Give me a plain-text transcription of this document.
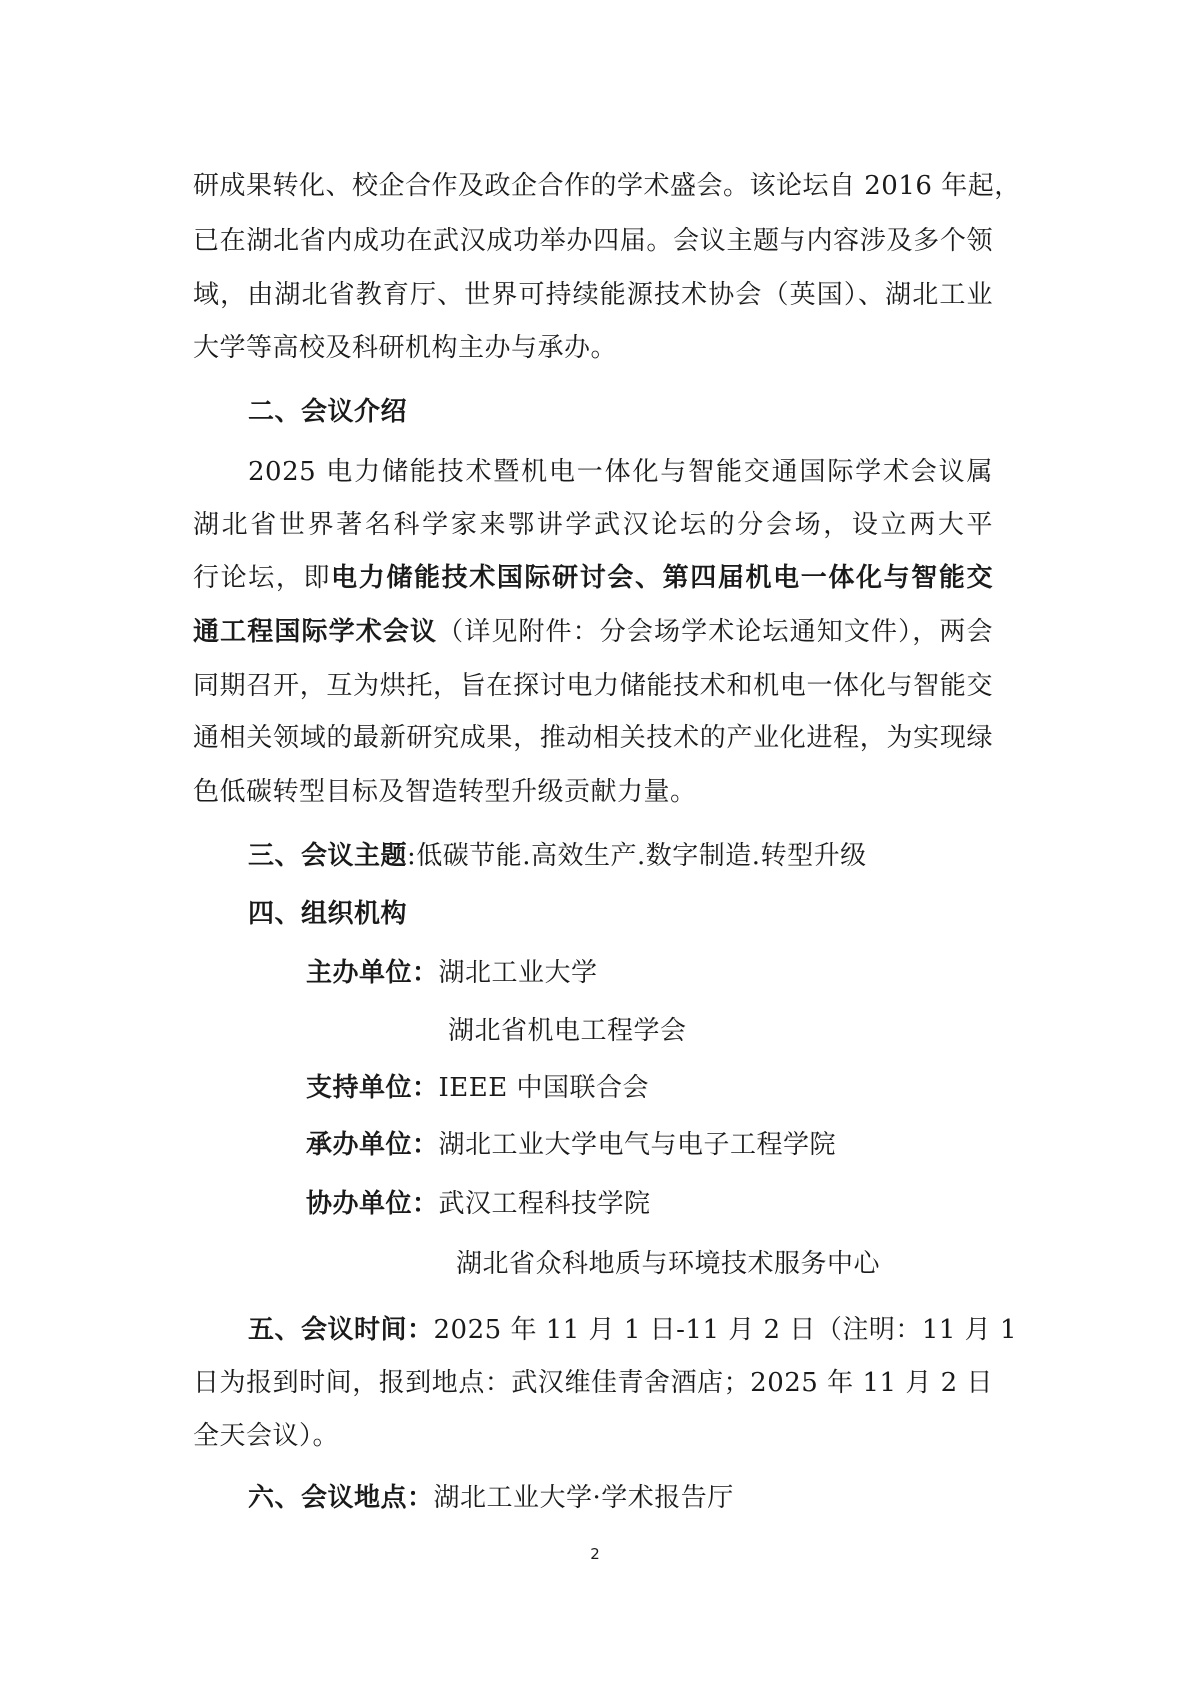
研成果转化、校企合作及政企合作的学术盛会。该论坛自 2016 年起，
已在湖北省内成功在武汉成功举办四届。会议主题与内容涉及多个领
域，由湖北省教育厅、世界可持续能源技术协会（英国）、湖北工业
大学等高校及科研机构主办与承办。
二、会议介绍
2025 电力储能技术暨机电一体化与智能交通国际学术会议属
湖北省世界著名科学家来鄂讲学武汉论坛的分会场，设立两大平
行论坛，即电力储能技术国际研讨会、第四届机电一体化与智能交
通工程国际学术会议（详见附件：分会场学术论坛通知文件），两会
同期召开，互为烘托，旨在探讨电力储能技术和机电一体化与智能交
通相关领域的最新研究成果，推动相关技术的产业化进程，为实现绿
色低碳转型目标及智造转型升级贡献力量。
三、会议主题:低碳节能.高效生产.数字制造.转型升级
四、组织机构
主办单位：湖北工业大学
湖北省机电工程学会
支持单位：IEEE 中国联合会
承办单位：湖北工业大学电气与电子工程学院
协办单位：武汉工程科技学院
湖北省众科地质与环境技术服务中心
五、会议时间：2025 年 11 月 1 日-11 月 2 日（注明：11 月 1
日为报到时间，报到地点：武汉维佳青舍酒店；2025 年 11 月 2 日
全天会议）。
六、会议地点：湖北工业大学·学术报告厅
2
